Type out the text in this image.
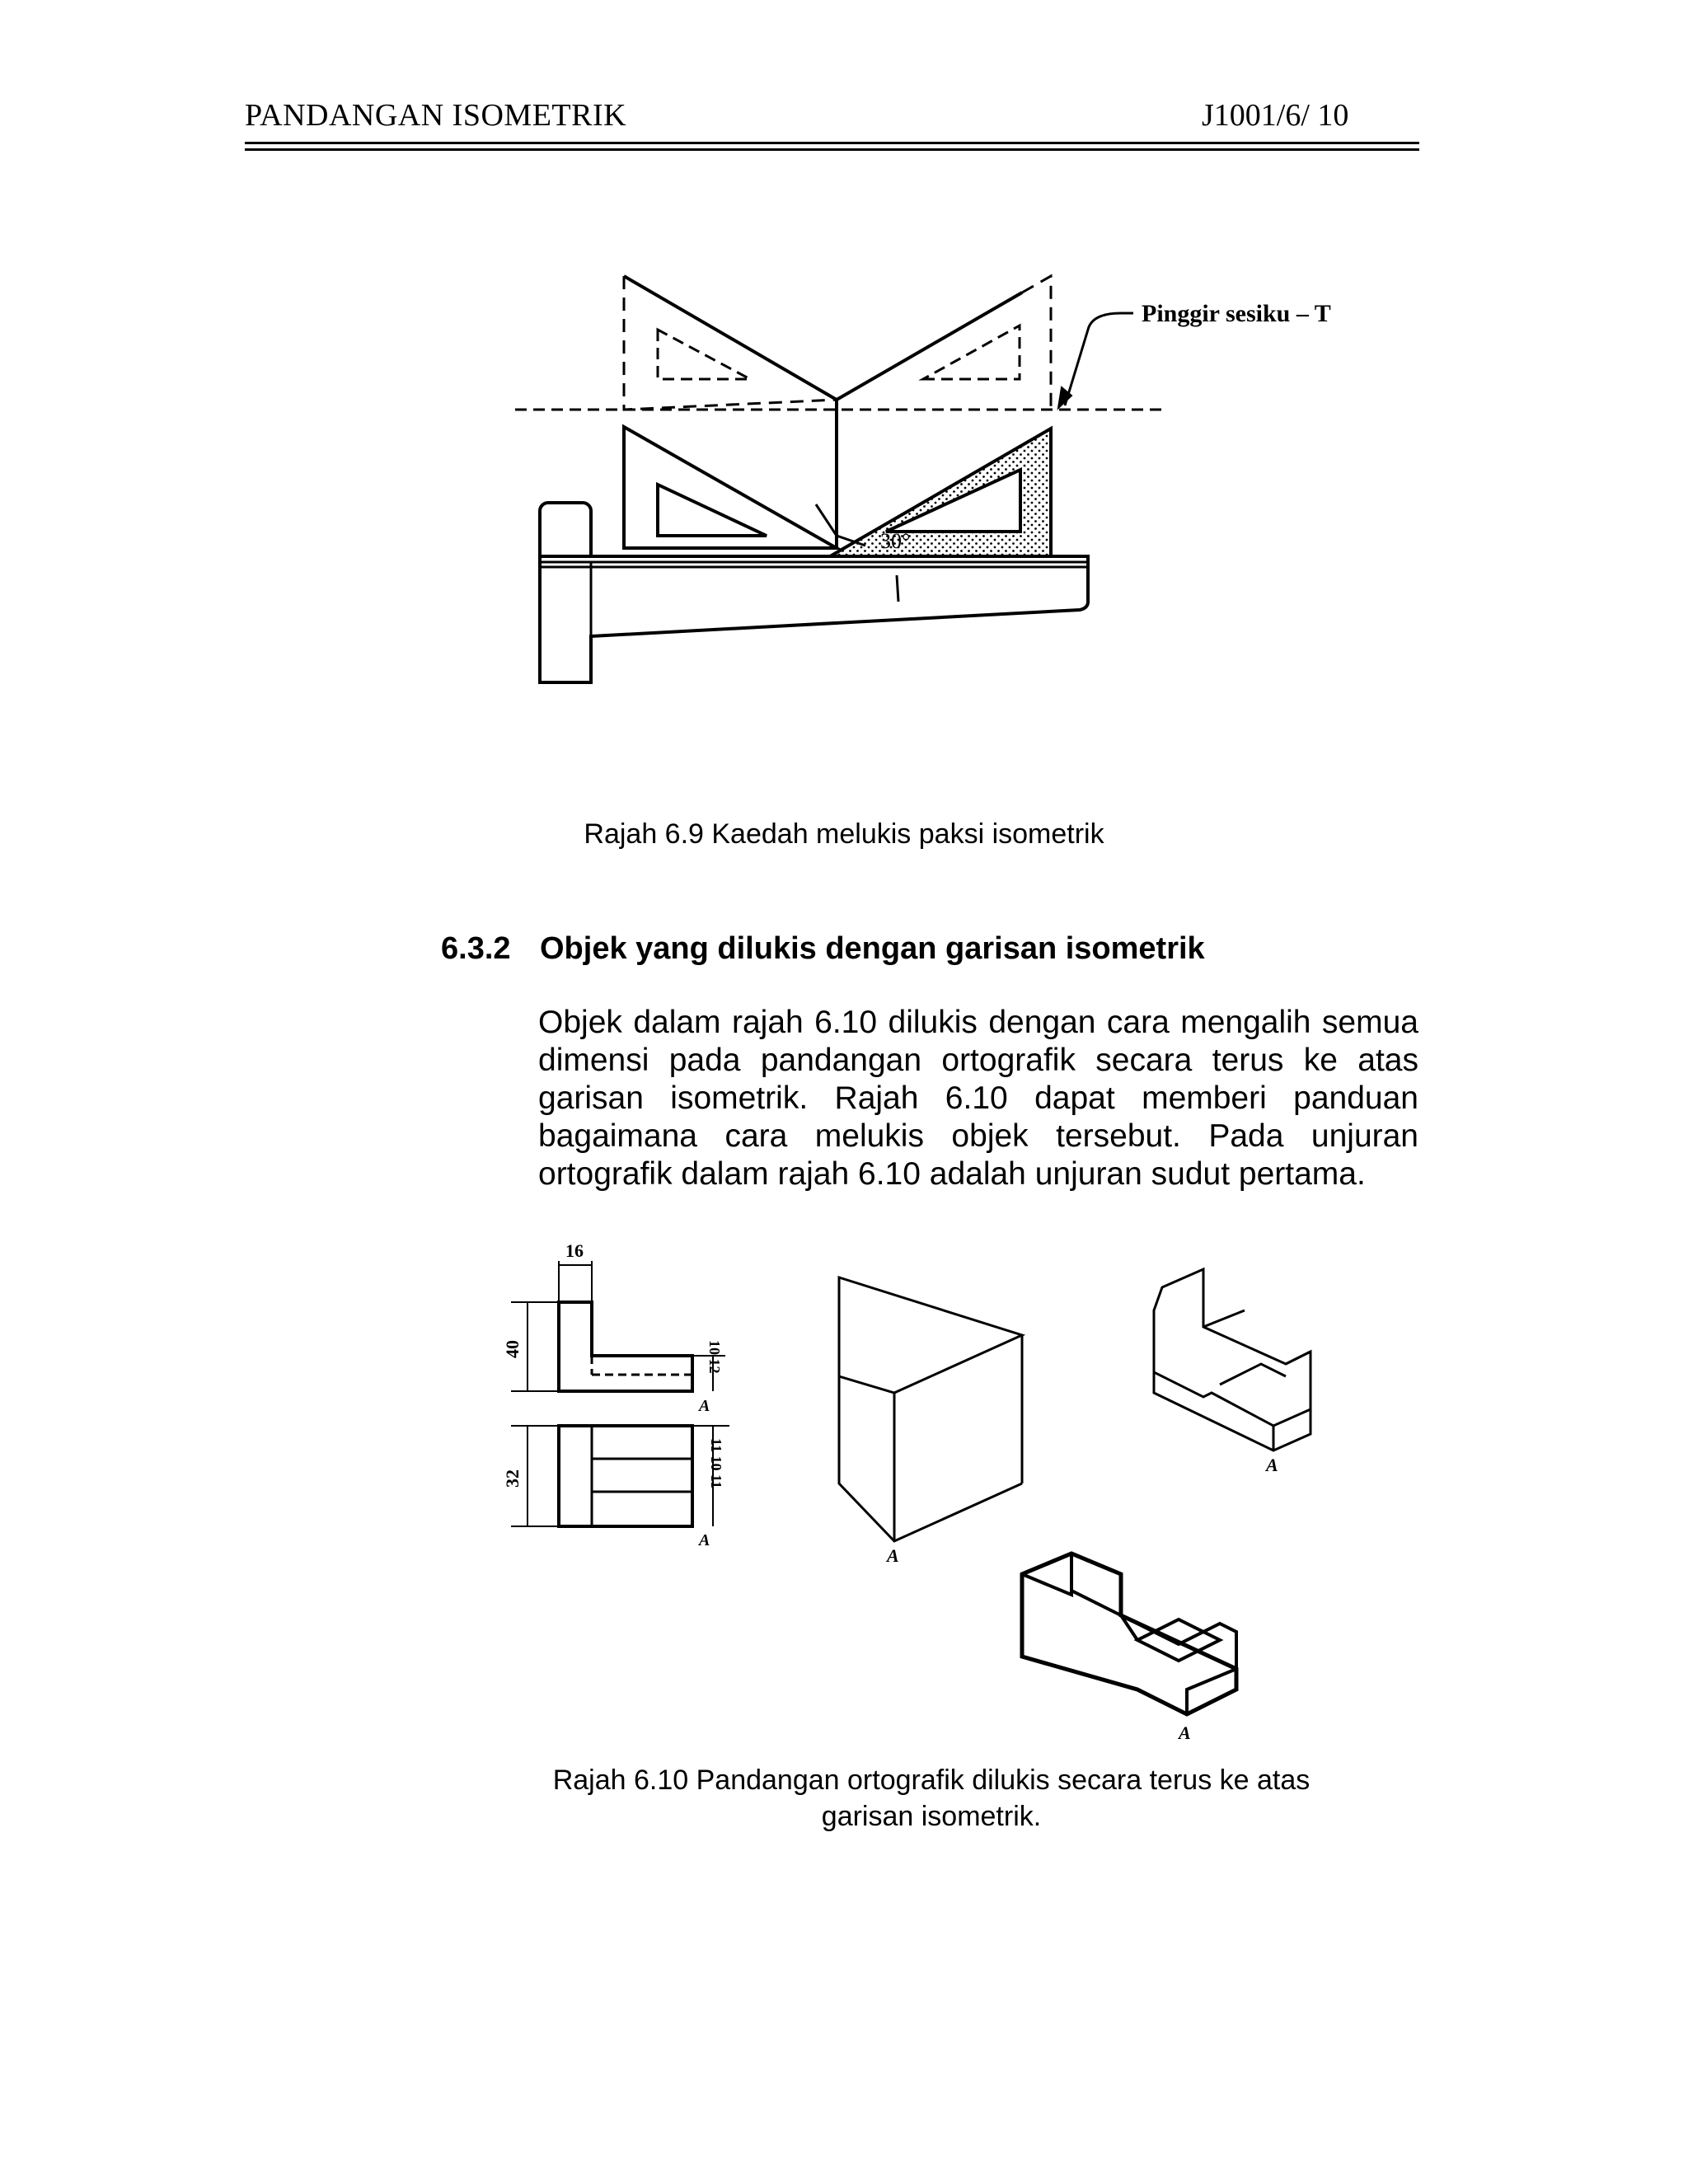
PANDANGAN ISOMETRIK	J1001/6/ 10
30°
Pinggir sesiku – T
Rajah 6.9 Kaedah melukis paksi isometrik
6.3.2 Objek yang dilukis dengan garisan isometrik
Objek dalam rajah 6.10 dilukis dengan cara mengalih semua dimensi pada pandangan ortografik secara terus ke atas garisan isometrik. Rajah 6.10 dapat memberi panduan bagaimana cara melukis objek tersebut. Pada unjuran ortografik dalam rajah 6.10 adalah unjuran sudut pertama.
16
40
32
10 12
11 10 11
A
A
A
A
A
Rajah 6.10 Pandangan ortografik dilukis secara terus ke atas
garisan isometrik.
